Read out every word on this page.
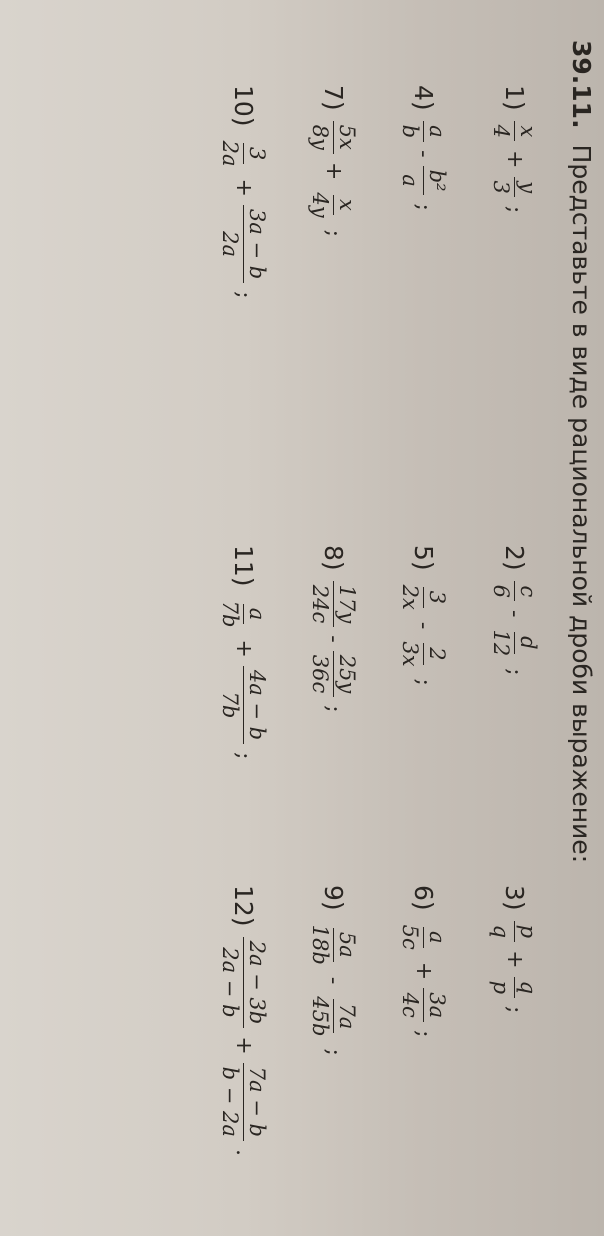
39.11. Представьте в виде рациональной дроби выражение:
1)
x
4
+
y
3
;
2)
c
6
-
d
12
;
3)
p
q
+
q
p
;
4)
a
b
-
b²
a
;
5)
3
2x
-
2
3x
;
6)
a
5c
+
3a
4c
;
7)
5x
8y
+
x
4y
;
8)
17y
24c
-
25y
36c
;
9)
5a
18b
-
7a
45b
;
10)
3
2a
+
3a − b
2a
;
11)
a
7b
+
4a − b
7b
;
12)
2a − 3b
2a − b
+
7a − b
b − 2a
.
